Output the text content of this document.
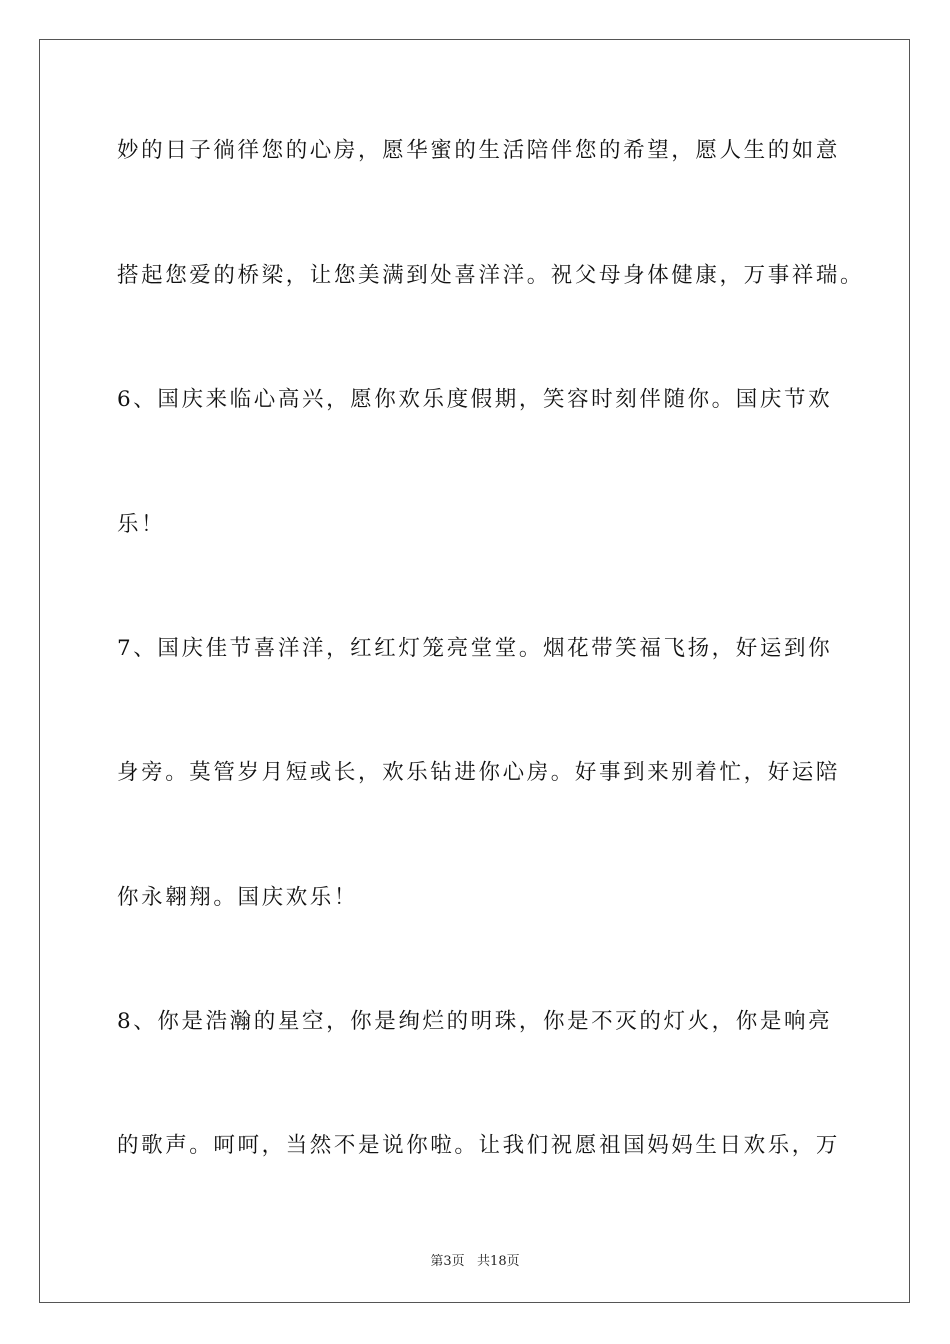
妙的日子徜徉您的心房，愿华蜜的生活陪伴您的希望，愿人生的如意
搭起您爱的桥梁，让您美满到处喜洋洋。祝父母身体健康，万事祥瑞。
6、国庆来临心高兴，愿你欢乐度假期，笑容时刻伴随你。国庆节欢
乐！
7、国庆佳节喜洋洋，红红灯笼亮堂堂。烟花带笑福飞扬，好运到你
身旁。莫管岁月短或长，欢乐钻进你心房。好事到来别着忙，好运陪
你永翱翔。国庆欢乐！
8、你是浩瀚的星空，你是绚烂的明珠，你是不灭的灯火，你是响亮
的歌声。呵呵，当然不是说你啦。让我们祝愿祖国妈妈生日欢乐，万
第3页   共18页
